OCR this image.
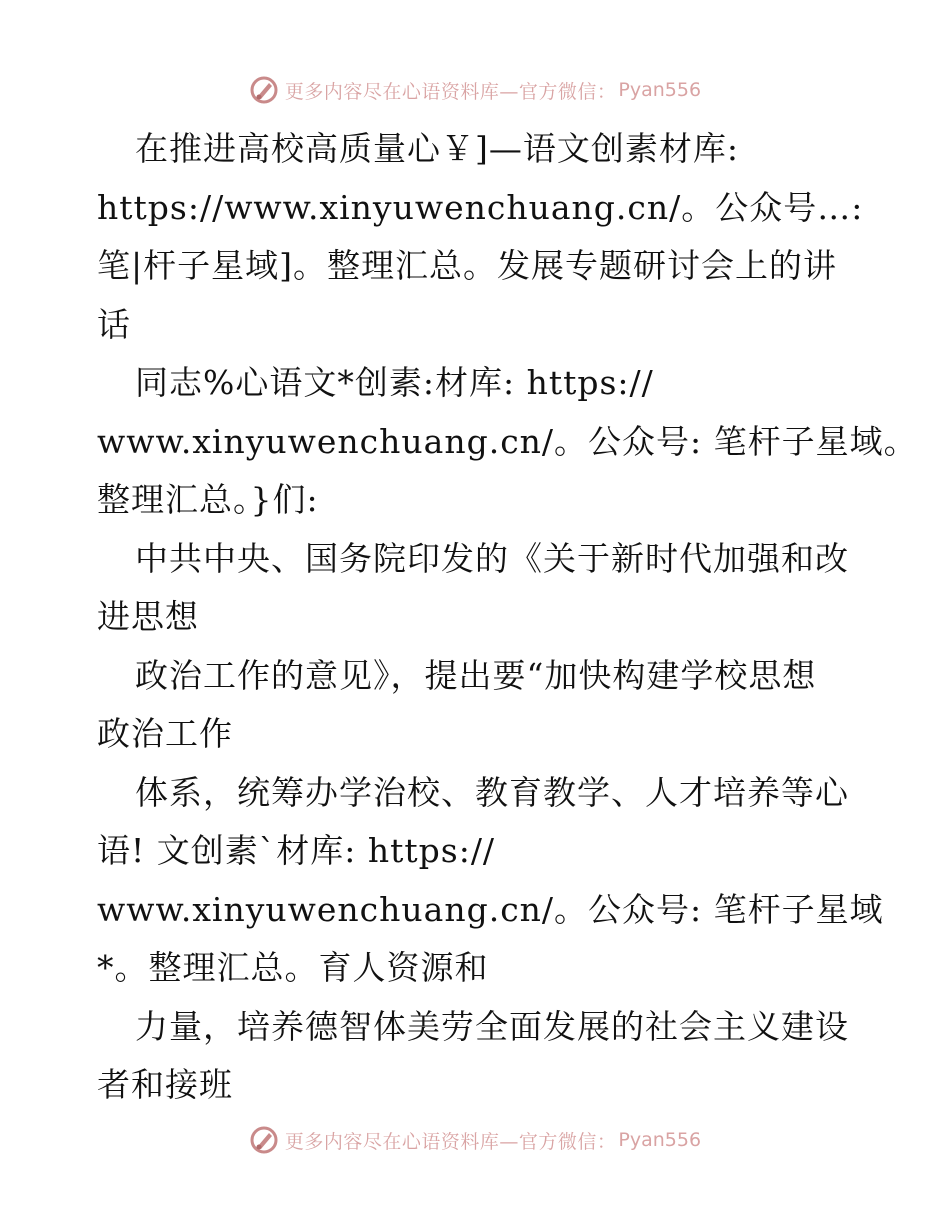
更多内容尽在心语资料库—官方微信： Pyan556
在推进高校高质量心￥]—语文创素材库:
https://www.xinyuwenchuang.cn/。公众号…:
笔|杆子星域]。整理汇总。发展专题研讨会上的讲
话
同志%心语文*创素:材库: https://
www.xinyuwenchuang.cn/。公众号: 笔杆子星域。
整理汇总。}们:
中共中央、国务院印发的《关于新时代加强和改
进思想
政治工作的意见》，提出要“加快构建学校思想
政治工作
体系，统筹办学治校、教育教学、人才培养等心
语! 文创素`材库: https://
www.xinyuwenchuang.cn/。公众号: 笔杆子星域
*。整理汇总。育人资源和
力量，培养德智体美劳全面发展的社会主义建设
者和接班
更多内容尽在心语资料库—官方微信： Pyan556
